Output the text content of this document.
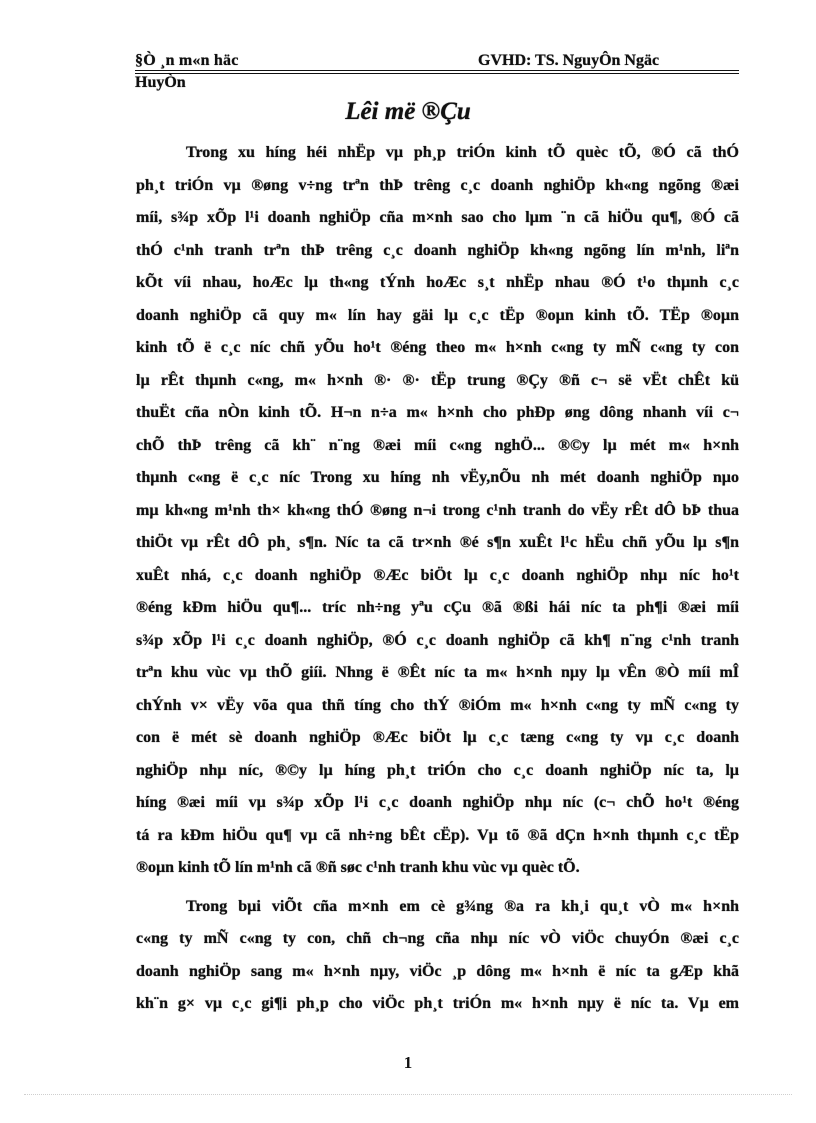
§Ò ¸n m«n häc	GVHD: TS. NguyÔn Ngäc
HuyÒn
Lêi më ®Çu
Trong xu híng héi nhËp vµ ph¸p triÓn kinh tÕ quèc tÕ, ®Ó cã thÓ
ph¸t triÓn vµ ®øng v÷ng trªn thÞ trêng c¸c doanh nghiÖp kh«ng ngõng ®æi
míi, s¾p xÕp l¹i doanh nghiÖp cña m×nh sao cho lµm ¨n cã hiÖu qu¶, ®Ó cã
thÓ c¹nh tranh trªn thÞ trêng c¸c doanh nghiÖp kh«ng ngõng lín m¹nh, liªn
kÕt víi nhau, hoÆc lµ th«ng tÝnh hoÆc s¸t nhËp nhau ®Ó t¹o thµnh c¸c
doanh nghiÖp cã quy m« lín hay gäi lµ c¸c tËp ®oµn kinh tÕ. TËp ®oµn
kinh tÕ ë c¸c níc chñ yÕu ho¹t ®éng theo m« h×nh c«ng ty mÑ c«ng ty con
lµ rÊt thµnh c«ng, m« h×nh ®· ®· tËp trung ®Çy ®ñ c¬ së vËt chÊt kü
thuËt cña nÒn kinh tÕ. H¬n n÷a m« h×nh cho phÐp øng dông nhanh víi c¬
chÕ thÞ trêng cã kh¨ n¨ng ®æi míi c«ng nghÖ... ®©y lµ mét m« h×nh
thµnh c«ng ë c¸c níc Trong xu híng nh vËy,nÕu nh mét doanh nghiÖp nµo
mµ kh«ng m¹nh th× kh«ng thÓ ®øng n¬i trong c¹nh tranh do vËy rÊt dÔ bÞ thua
thiÖt vµ rÊt dÔ ph¸ s¶n. Níc ta cã tr×nh ®é s¶n xuÊt l¹c hËu chñ yÕu lµ s¶n
xuÊt nhá, c¸c doanh nghiÖp ®Æc biÖt lµ c¸c doanh nghiÖp nhµ níc ho¹t
®éng kÐm hiÖu qu¶... tríc nh÷ng yªu cÇu ®ã ®ßi hái níc ta ph¶i ®æi míi
s¾p xÕp l¹i c¸c doanh nghiÖp, ®Ó c¸c doanh nghiÖp cã kh¶ n¨ng c¹nh tranh
trªn khu vùc vµ thÕ giíi. Nhng ë ®Êt níc ta m« h×nh nµy lµ vÊn ®Ò míi mÎ
chÝnh v× vËy võa qua thñ tíng cho thÝ ®iÓm m« h×nh c«ng ty mÑ c«ng ty
con ë mét sè doanh nghiÖp ®Æc biÖt lµ c¸c tæng c«ng ty vµ c¸c doanh
nghiÖp nhµ níc, ®©y lµ híng ph¸t triÓn cho c¸c doanh nghiÖp níc ta, lµ
híng ®æi míi vµ s¾p xÕp l¹i c¸c doanh nghiÖp nhµ níc (c¬ chÕ ho¹t ®éng
tá ra kÐm hiÖu qu¶ vµ cã nh÷ng bÊt cËp). Vµ tõ ®ã dÇn h×nh thµnh c¸c tËp
®oµn kinh tÕ lín m¹nh cã ®ñ søc c¹nh tranh khu vùc vµ quèc tÕ.
Trong bµi viÕt cña m×nh em cè g¾ng ®a ra kh¸i qu¸t vÒ m« h×nh
c«ng ty mÑ c«ng ty con, chñ ch¬ng cña nhµ níc vÒ viÖc chuyÓn ®æi c¸c
doanh nghiÖp sang m« h×nh nµy, viÖc ¸p dông m« h×nh ë níc ta gÆp khã
kh¨n g× vµ c¸c gi¶i ph¸p cho viÖc ph¸t triÓn m« h×nh nµy ë níc ta. Vµ em
1
